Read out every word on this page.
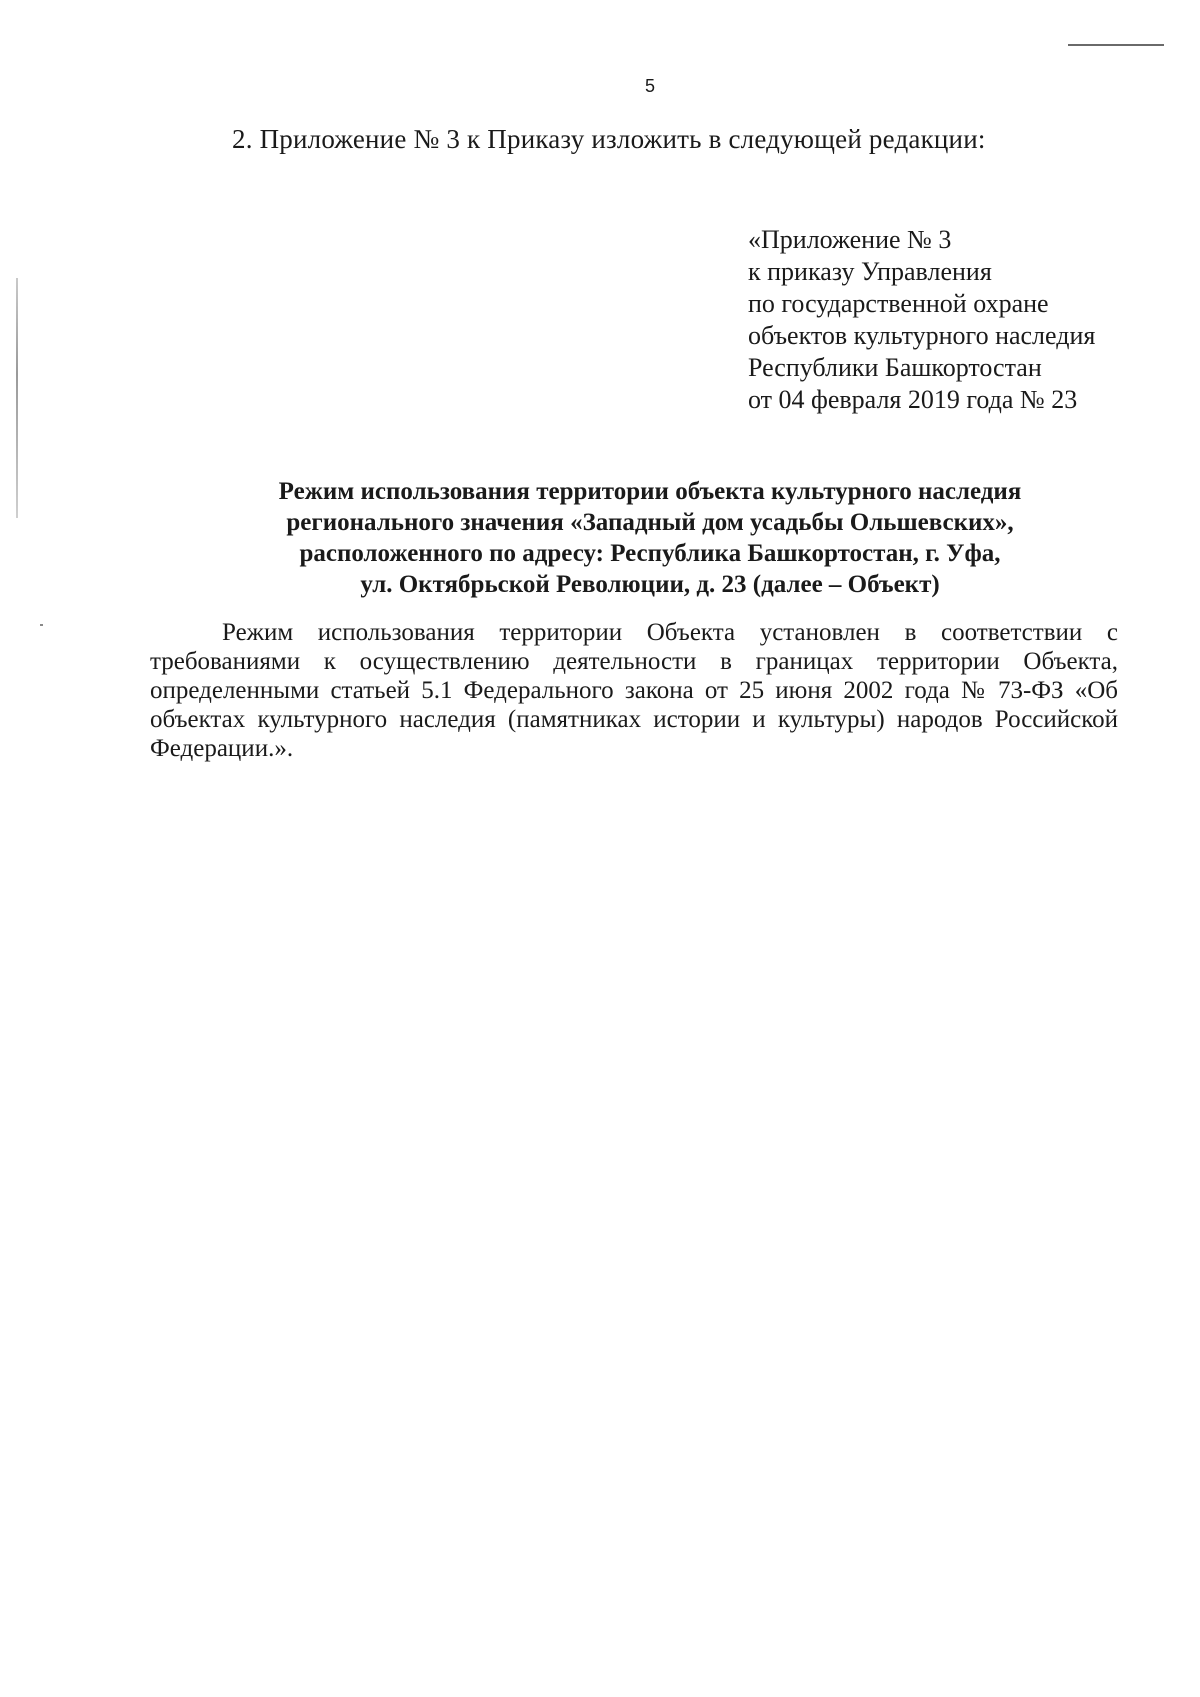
5
2. Приложение № 3 к Приказу изложить в следующей редакции:
«Приложение № 3
к приказу Управления
по государственной охране
объектов культурного наследия
Республики Башкортостан
от 04 февраля 2019 года № 23
Режим использования территории объекта культурного наследия
регионального значения «Западный дом усадьбы Ольшевских»,
расположенного по адресу: Республика Башкортостан, г. Уфа,
ул. Октябрьской Революции, д. 23 (далее – Объект)
Режим использования территории Объекта установлен в соответствии с требованиями к осуществлению деятельности в границах территории Объекта, определенными статьей 5.1 Федерального закона от 25 июня 2002 года № 73-ФЗ «Об объектах культурного наследия (памятниках истории и культуры) народов Российской Федерации.».
